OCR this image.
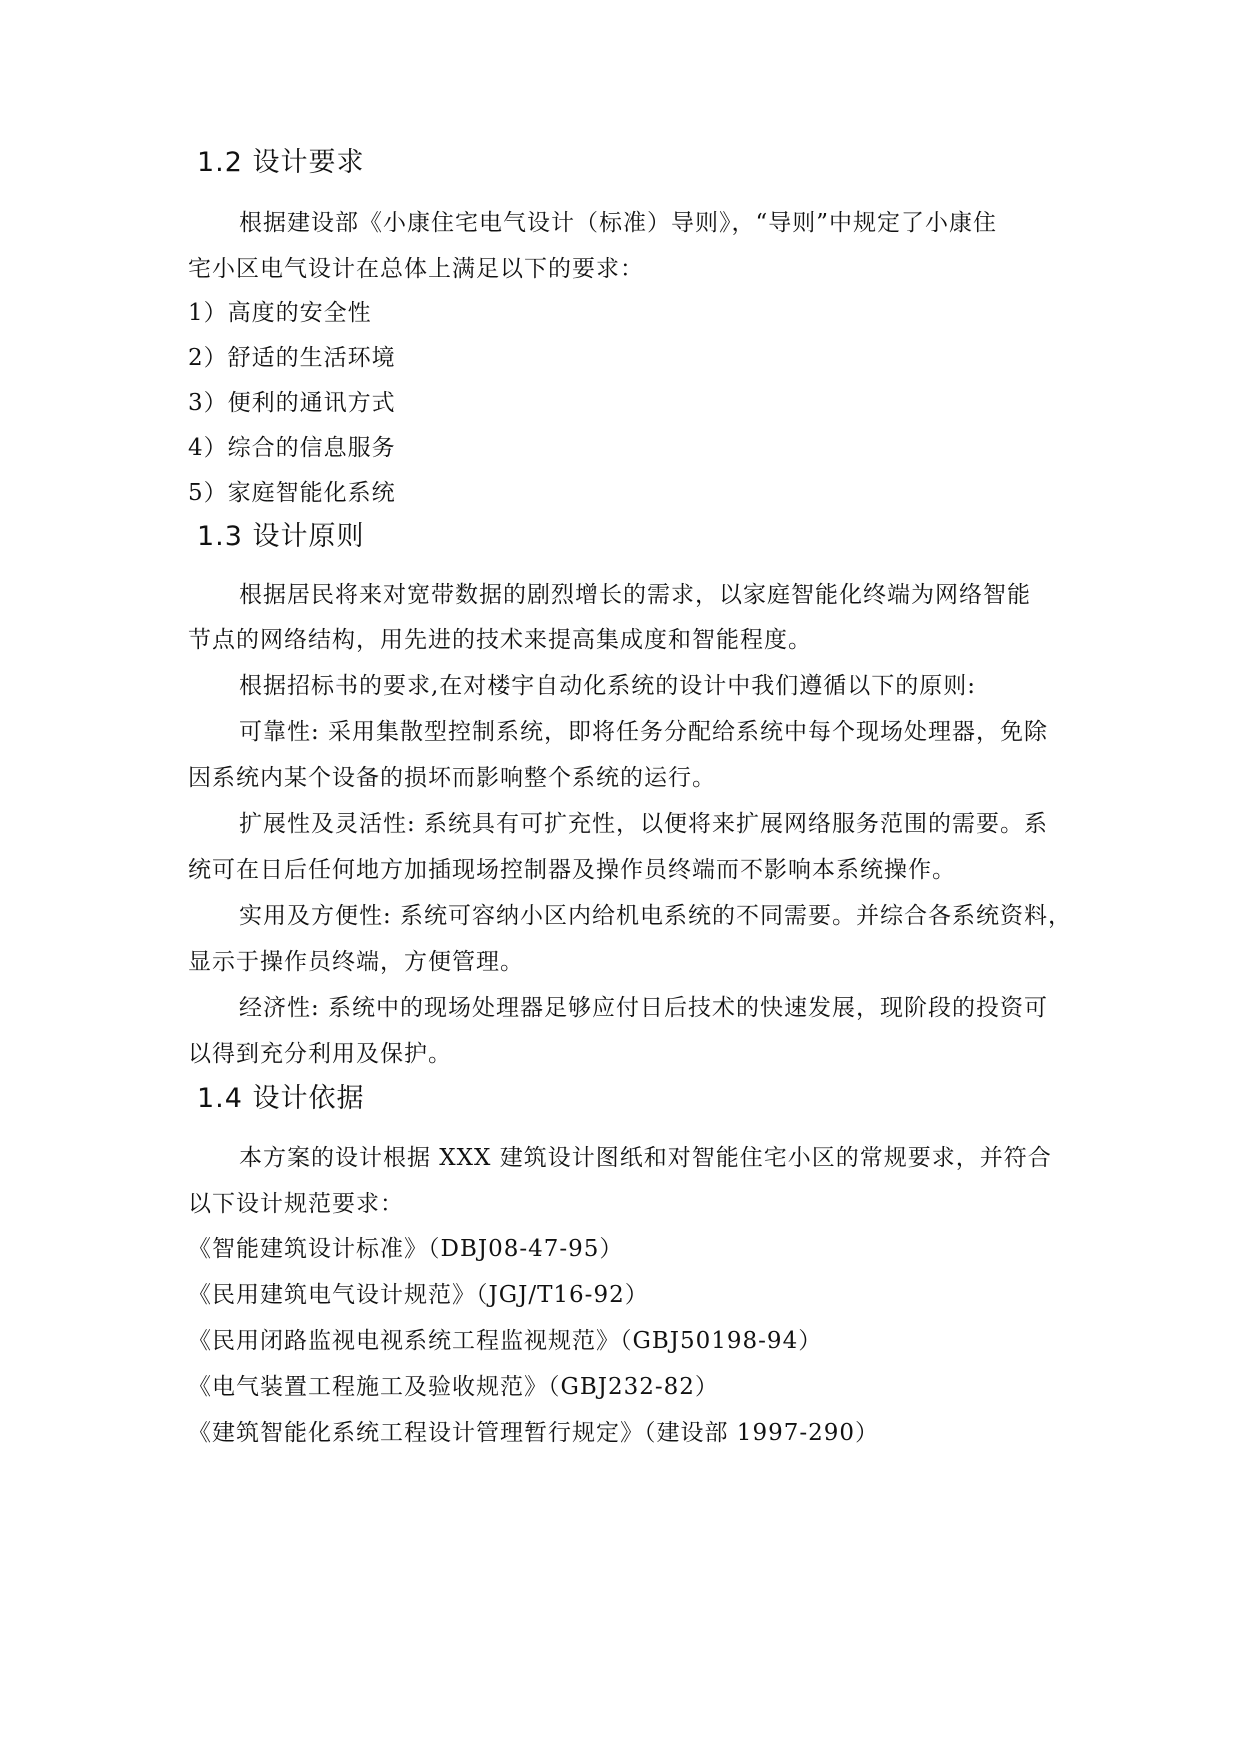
1.2 设计要求
根据建设部《小康住宅电气设计（标准）导则》，“导则”中规定了小康住
宅小区电气设计在总体上满足以下的要求：
1）高度的安全性
2）舒适的生活环境
3）便利的通讯方式
4）综合的信息服务
5）家庭智能化系统
1.3 设计原则
根据居民将来对宽带数据的剧烈增长的需求，以家庭智能化终端为网络智能
节点的网络结构，用先进的技术来提高集成度和智能程度。
根据招标书的要求,在对楼宇自动化系统的设计中我们遵循以下的原则:
可靠性: 采用集散型控制系统，即将任务分配给系统中每个现场处理器，免除
因系统内某个设备的损坏而影响整个系统的运行。
扩展性及灵活性: 系统具有可扩充性，以便将来扩展网络服务范围的需要。系
统可在日后任何地方加插现场控制器及操作员终端而不影响本系统操作。
实用及方便性: 系统可容纳小区内给机电系统的不同需要。并综合各系统资料，
显示于操作员终端，方便管理。
经济性: 系统中的现场处理器足够应付日后技术的快速发展，现阶段的投资可
以得到充分利用及保护。
1.4 设计依据
本方案的设计根据 XXX 建筑设计图纸和对智能住宅小区的常规要求，并符合
以下设计规范要求：
《智能建筑设计标准》（DBJ08-47-95）
《民用建筑电气设计规范》（JGJ/T16-92）
《民用闭路监视电视系统工程监视规范》（GBJ50198-94）
《电气装置工程施工及验收规范》（GBJ232-82）
《建筑智能化系统工程设计管理暂行规定》（建设部 1997-290）
